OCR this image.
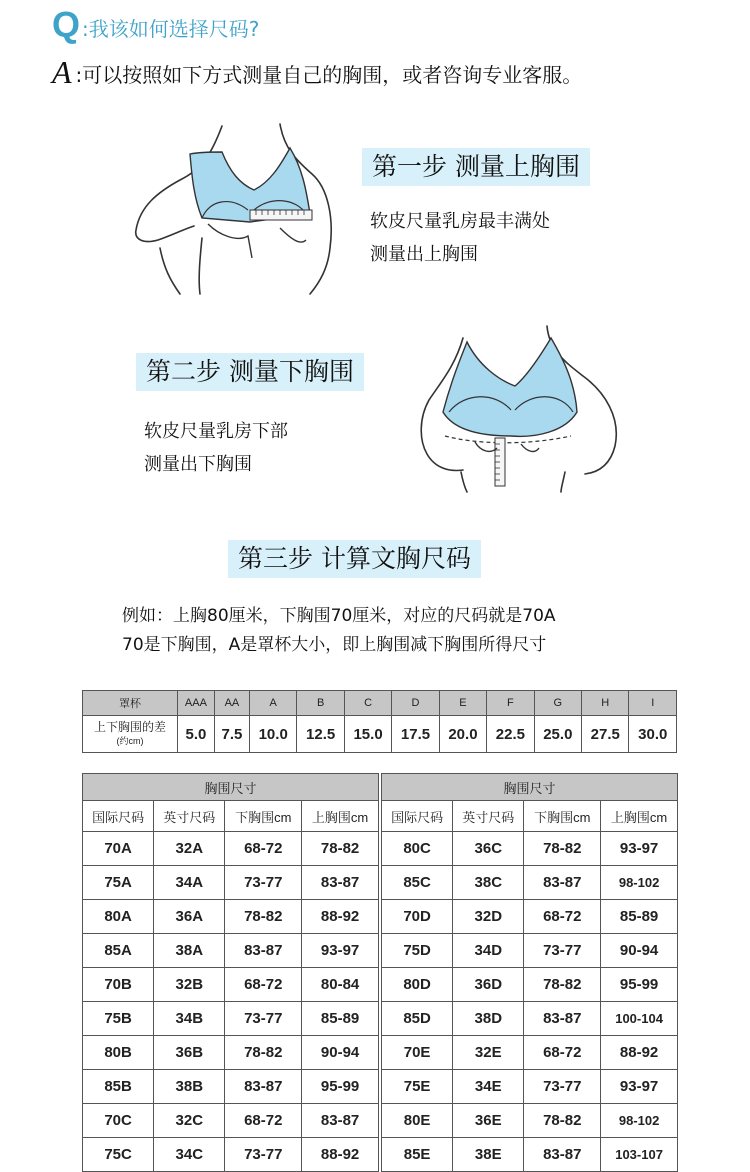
Q :我该如何选择尺码?
A :可以按照如下方式测量自己的胸围，或者咨询专业客服。
第一步 测量上胸围
软皮尺量乳房最丰满处
测量出上胸围
第二步 测量下胸围
软皮尺量乳房下部
测量出下胸围
第三步 计算文胸尺码
例如：上胸80厘米，下胸围70厘米，对应的尺码就是70A
70是下胸围，A是罩杯大小，即上胸围减下胸围所得尺寸
罩杯	AAA	AA	A	B	C	D	E	F	G	H	I

上下胸围的差
(约cm)	5.0	7.5	10.0	12.5	15.0	17.5	20.0	22.5	25.0	27.5	30.0
胸围尺寸			
国际尺码	英寸尺码	下胸围cm	上胸围cm
70A	32A	68-72	78-82
75A	34A	73-77	83-87
80A	36A	78-82	88-92
85A	38A	83-87	93-97
70B	32B	68-72	80-84
75B	34B	73-77	85-89
80B	36B	78-82	90-94
85B	38B	83-87	95-99
70C	32C	68-72	83-87
75C	34C	73-77	88-92
胸围尺寸			
国际尺码	英寸尺码	下胸围cm	上胸围cm
80C	36C	78-82	93-97
85C	38C	83-87	98-102
70D	32D	68-72	85-89
75D	34D	73-77	90-94
80D	36D	78-82	95-99
85D	38D	83-87	100-104
70E	32E	68-72	88-92
75E	34E	73-77	93-97
80E	36E	78-82	98-102
85E	38E	83-87	103-107
